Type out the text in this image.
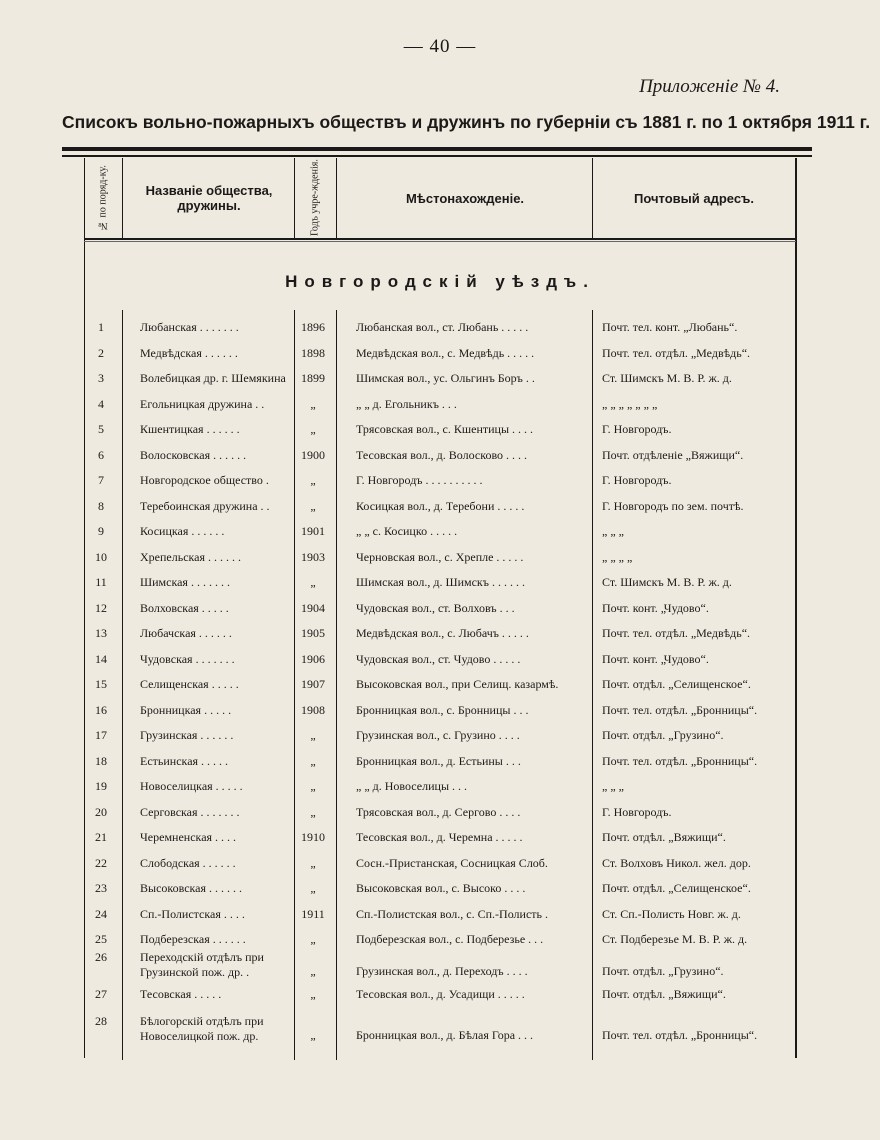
— 40 —
Приложеніе № 4.
Списокъ вольно-пожарныхъ обществъ и дружинъ по губерніи съ 1881 г. по 1 октября 1911 г.
№ по поряд-ку.	Названіе общества, дружины.	Годъ учре-жденія.	Мѣстонахожденіе.	Почтовый адресъ.
Новгородскій уѣздъ.
1	Любанская . . . . . . .	1896	Любанская вол., ст. Любань . . . . .	Почт. тел. конт. „Любань“.
2	Медвѣдская . . . . . .	1898	Медвѣдская вол., с. Медвѣдь . . . . .	Почт. тел. отдѣл. „Медвѣдь“.
3	Волебицкая др. г. Шемякина	1899	Шимская вол., ус. Ольгинъ Боръ . .	Ст. Шимскъ М. В. Р. ж. д.
4	Егольницкая дружина . .	„	„ „ д. Егольникъ . . .	„ „ „ „ „ „ „
5	Кшентицкая . . . . . .	„	Трясовская вол., с. Кшентицы . . . .	Г. Новгородъ.
6	Волосковская . . . . . .	1900	Тесовская вол., д. Волосково . . . .	Почт. отдѣленіе „Вяжищи“.
7	Новгородское общество .	„	Г. Новгородъ . . . . . . . . . .	Г. Новгородъ.
8	Теребоинская дружина . .	„	Косицкая вол., д. Теребони . . . . .	Г. Новгородъ по зем. почтѣ.
9	Косицкая . . . . . .	1901	„ „ с. Косицко . . . . .	„ „ „
10	Хрепельская . . . . . .	1903	Черновская вол., с. Хрепле . . . . .	„ „ „ „
11	Шимская . . . . . . .	„	Шимская вол., д. Шимскъ . . . . . .	Ст. Шимскъ М. В. Р. ж. д.
12	Волховская . . . . .	1904	Чудовская вол., ст. Волховъ . . .	Почт. конт. „Чудово“.
13	Любачская . . . . . .	1905	Медвѣдская вол., с. Любачъ . . . . .	Почт. тел. отдѣл. „Медвѣдь“.
14	Чудовская . . . . . . .	1906	Чудовская вол., ст. Чудово . . . . .	Почт. конт. „Чудово“.
15	Селищенская . . . . .	1907	Высоковская вол., при Селищ. казармѣ.	Почт. отдѣл. „Селищенское“.
16	Бронницкая . . . . .	1908	Бронницкая вол., с. Бронницы . . .	Почт. тел. отдѣл. „Бронницы“.
17	Грузинская . . . . . .	„	Грузинская вол., с. Грузино . . . .	Почт. отдѣл. „Грузино“.
18	Естьинская . . . . .	„	Бронницкая вол., д. Естьины . . .	Почт. тел. отдѣл. „Бронницы“.
19	Новоселицкая . . . . .	„	„ „ д. Новоселицы . . .	„ „ „
20	Серговская . . . . . . .	„	Трясовская вол., д. Сергово . . . .	Г. Новгородъ.
21	Черемненская . . . .	1910	Тесовская вол., д. Черемна . . . . .	Почт. отдѣл. „Вяжищи“.
22	Слободская . . . . . .	„	Сосн.-Пристанская, Сосницкая Слоб.	Ст. Волховъ Никол. жел. дор.
23	Высоковская . . . . . .	„	Высоковская вол., с. Высоко . . . .	Почт. отдѣл. „Селищенское“.
24	Сп.-Полистская . . . .	1911	Сп.-Полистская вол., с. Сп.-Полисть .	Ст. Сп.-Полисть Новг. ж. д.
25	Подберезская . . . . . .	„	Подберезская вол., с. Подберезье . . .	Ст. Подберезье М. В. Р. ж. д.
26	Переходскій отдѣлъ при Грузинской пож. др. .	„	Грузинская вол., д. Переходъ . . . .	Почт. отдѣл. „Грузино“.
27	Тесовская . . . . .	„	Тесовская вол., д. Усадищи . . . . .	Почт. отдѣл. „Вяжищи“.
28	Бѣлогорскій отдѣлъ при Новоселицкой пож. др.	„	Бронницкая вол., д. Бѣлая Гора . . .	Почт. тел. отдѣл. „Бронницы“.
